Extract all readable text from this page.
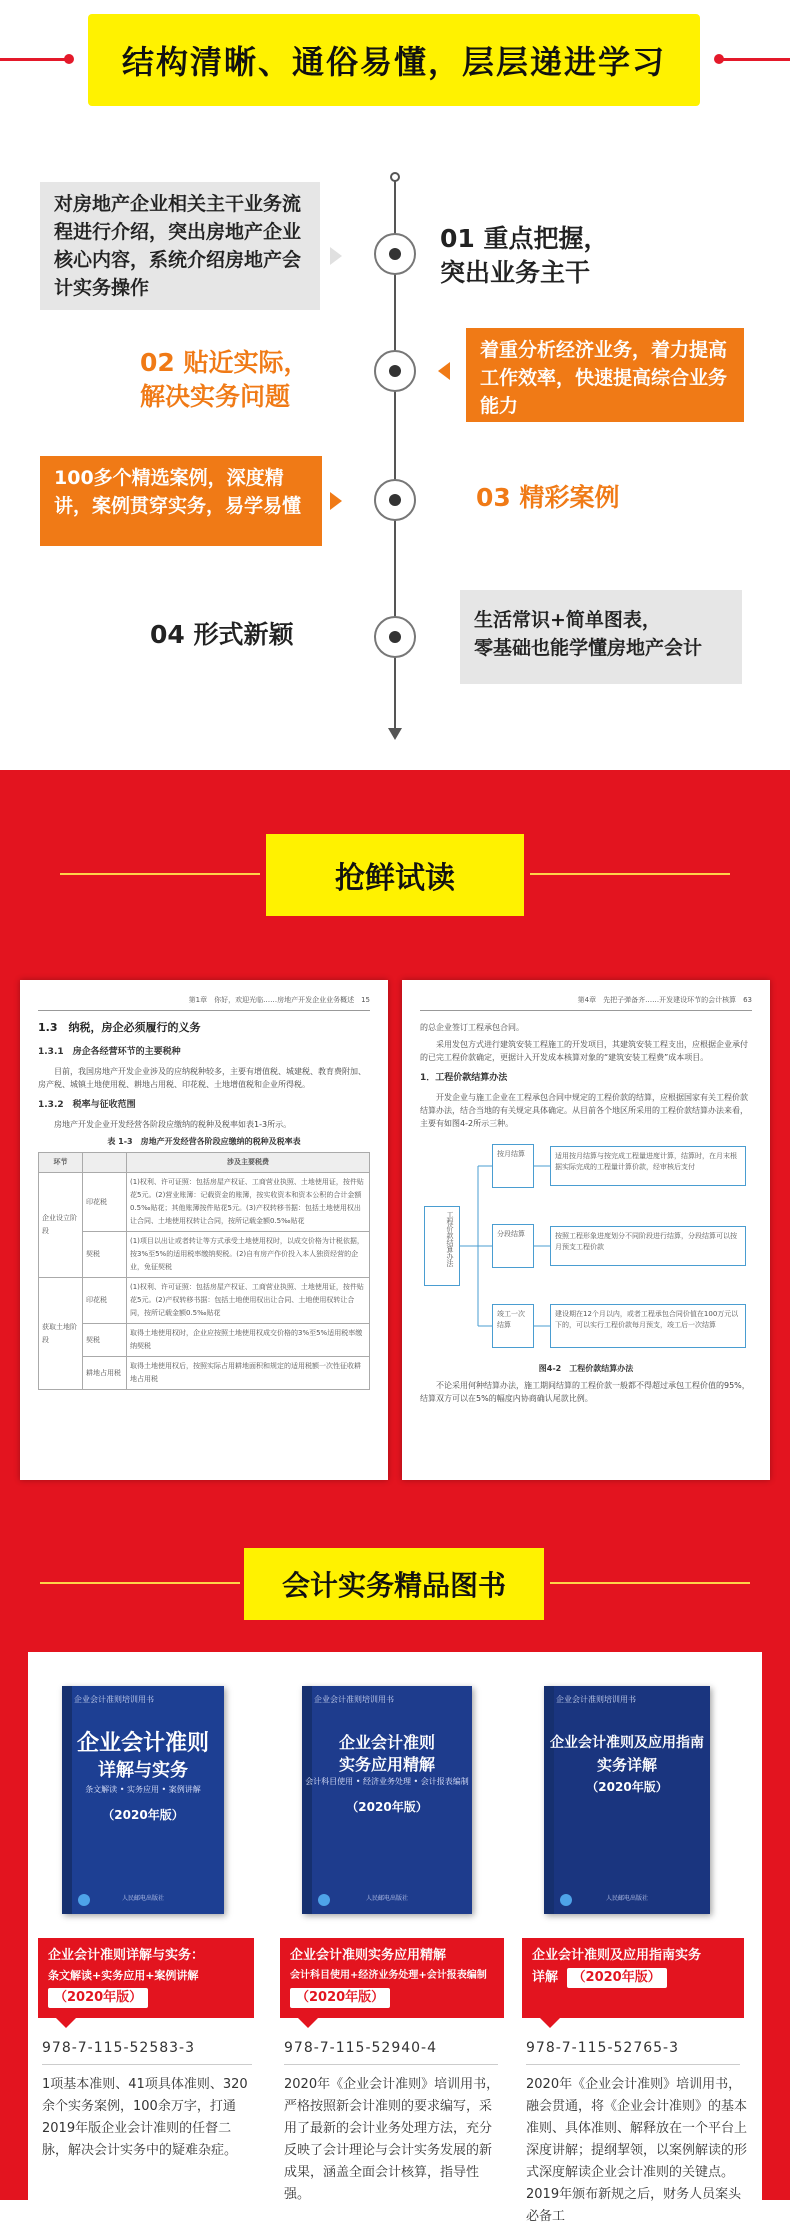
结构清晰、通俗易懂，层层递进学习
对房地产企业相关主干业务流程进行介绍，突出房地产企业核心内容，系统介绍房地产会计实务操作
01 重点把握，
突出业务主干
02 贴近实际，
解决实务问题
着重分析经济业务，着力提高工作效率，快速提高综合业务能力
100多个精选案例，深度精讲，案例贯穿实务，易学易懂	03 精彩案例
04 形式新颖	生活常识+简单图表，
零基础也能学懂房地产会计
抢鲜试读
第1章　你好，欢迎光临……房地产开发企业业务概述　15
1.3　纳税，房企必须履行的义务
1.3.1　房企各经营环节的主要税种
目前，我国房地产开发企业涉及的应纳税种较多，主要有增值税、城建税、教育费附加、房产税、城镇土地使用税、耕地占用税、印花税、土地增值税和企业所得税。
1.3.2　税率与征收范围
房地产开发企业开发经营各阶段应缴纳的税种及税率如表1-3所示。
表 1-3　房地产开发经营各阶段应缴纳的税种及税率表
环节		涉及主要税费
企业设立阶段	印花税	(1)权利、许可证照：包括房屋产权证、工商营业执照、土地使用证，按件贴花5元。(2)营业账簿：记载资金的账簿，按实收资本和资本公积的合计金额0.5‰贴花；其他账簿按件贴花5元。(3)产权转移书据：包括土地使用权出让合同、土地使用权转让合同，按所记载金额0.5‰贴花
	契税	(1)项目以出让或者转让等方式承受土地使用权时，以成交价格为计税依据，按3%至5%的适用税率缴纳契税。(2)自有房产作价投入本人独资经营的企业，免征契税
获取土地阶段	印花税	(1)权利、许可证照：包括房屋产权证、工商营业执照、土地使用证，按件贴花5元。(2)产权转移书据：包括土地使用权出让合同、土地使用权转让合同，按所记载金额0.5‰贴花
	契税	取得土地使用权时，企业应按照土地使用权成交价格的3%至5%适用税率缴纳契税
	耕地占用税	取得土地使用权后，按照实际占用耕地面积和规定的适用税额一次性征收耕地占用税
第4章　先把子弹备齐……开发建设环节的会计核算　63
的总企业签订工程承包合同。
采用发包方式进行建筑安装工程施工的开发项目，其建筑安装工程支出，应根据企业承付的已完工程价款确定，更据计入开发成本核算对象的“建筑安装工程费”成本项目。
1．工程价款结算办法
开发企业与施工企业在工程承包合同中规定的工程价款的结算，应根据国家有关工程价款结算办法，结合当地的有关规定具体确定。从目前各个地区所采用的工程价款结算办法来看，主要有如图4-2所示三种。
工程价款结算办法
按月结算
分段结算
竣工一次结算
适用按月结算与按完成工程量进度计算，结算时，在月末根据实际完成的工程量计算价款，经审核后支付
按照工程形象进度划分不同阶段进行结算，分段结算可以按月预支工程价款
建设期在12个月以内，或者工程承包合同价值在100万元以下的，可以实行工程价款每月预支，竣工后一次结算
图4-2　工程价款结算办法
不论采用何种结算办法，施工期间结算的工程价款一般都不得超过承包工程价值的95%，结算双方可以在5%的幅度内协商确认尾款比例。
会计实务精品图书
企业会计准则培训用书
企业会计准则
详解与实务
条文解读 • 实务应用 • 案例讲解
（2020年版）
人民邮电出版社
企业会计准则详解与实务：
条文解读+实务应用+案例讲解
（2020年版）
978-7-115-52583-3
1项基本准则、41项具体准则、320余个实务案例，100余万字，打通2019年版企业会计准则的任督二脉，解决会计实务中的疑难杂症。
企业会计准则培训用书
企业会计准则
实务应用精解
会计科目使用 • 经济业务处理 • 会计报表编制
（2020年版）
人民邮电出版社
企业会计准则实务应用精解
会计科目使用+经济业务处理+会计报表编制
（2020年版）
978-7-115-52940-4
2020年《企业会计准则》培训用书，严格按照新会计准则的要求编写，采用了最新的会计业务处理方法，充分反映了会计理论与会计实务发展的新成果，涵盖全面会计核算，指导性强。
企业会计准则培训用书
企业会计准则及应用指南
实务详解
（2020年版）
人民邮电出版社
企业会计准则及应用指南实务
详解 （2020年版）
978-7-115-52765-3
2020年《企业会计准则》培训用书，融会贯通，将《企业会计准则》的基本准则、具体准则、解释放在一个平台上深度讲解；提纲挈领，以案例解读的形式深度解读企业会计准则的关键点。2019年颁布新规之后，财务人员案头必备工
